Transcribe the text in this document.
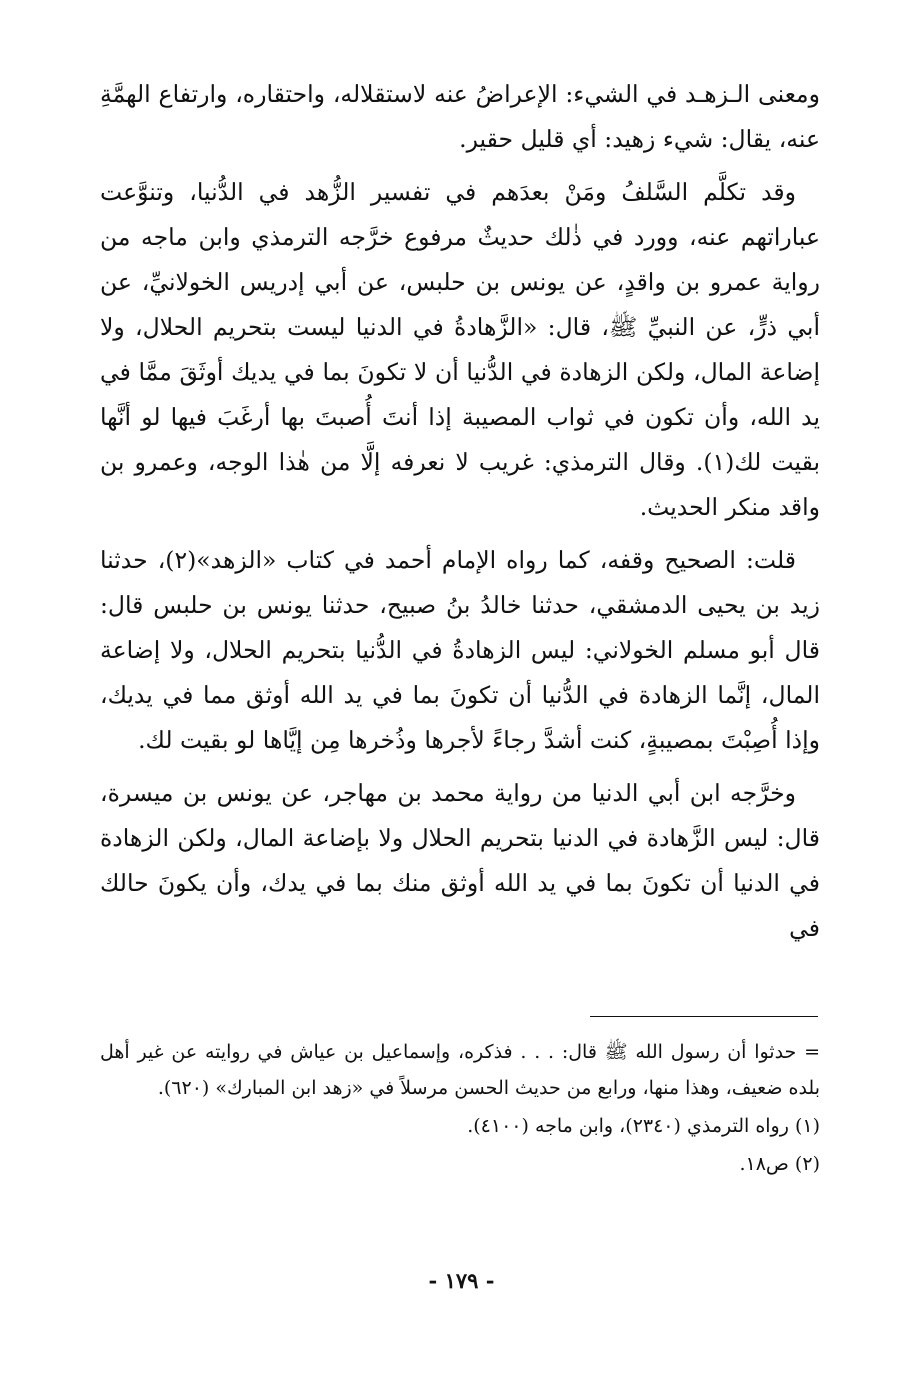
ومعنى الـزهـد في الشيء: الإعراضُ عنه لاستقلاله، واحتقاره، وارتفاع الهمَّةِ عنه، يقال: شيء زهيد: أي قليل حقير.

وقد تكلَّم السَّلفُ ومَنْ بعدَهم في تفسير الزُّهد في الدُّنيا، وتنوَّعت عباراتهم عنه، وورد في ذٰلك حديثٌ مرفوع خرَّجه الترمذي وابن ماجه من رواية عمرو بن واقدٍ، عن يونس بن حلبس، عن أبي إدريس الخولانيِّ، عن أبي ذرٍّ، عن النبيِّ ﷺ، قال: «الزَّهادةُ في الدنيا ليست بتحريم الحلال، ولا إضاعة المال، ولكن الزهادة في الدُّنيا أن لا تكونَ بما في يديك أوثَقَ ممَّا في يد الله، وأن تكون في ثواب المصيبة إذا أنتَ أُصبتَ بها أرغَبَ فيها لو أنَّها بقيت لك(١). وقال الترمذي: غريب لا نعرفه إلَّا من هٰذا الوجه، وعمرو بن واقد منكر الحديث.

قلت: الصحيح وقفه، كما رواه الإمام أحمد في كتاب «الزهد»(٢)، حدثنا زيد بن يحيى الدمشقي، حدثنا خالدُ بنُ صبيح، حدثنا يونس بن حلبس قال: قال أبو مسلم الخولاني: ليس الزهادةُ في الدُّنيا بتحريم الحلال، ولا إضاعة المال، إنَّما الزهادة في الدُّنيا أن تكونَ بما في يد الله أوثق مما في يديك، وإذا أُصِبْتَ بمصيبةٍ، كنت أشدَّ رجاءً لأجرها وذُخرها مِن إيَّاها لو بقيت لك.

وخرَّجه ابن أبي الدنيا من رواية محمد بن مهاجر، عن يونس بن ميسرة، قال: ليس الزَّهادة في الدنيا بتحريم الحلال ولا بإضاعة المال، ولكن الزهادة في الدنيا أن تكونَ بما في يد الله أوثق منك بما في يدك، وأن يكونَ حالك في

= حدثوا أن رسول الله ﷺ قال: . . . فذكره، وإسماعيل بن عياش في روايته عن غير أهل بلده ضعيف، وهذا منها، ورابع من حديث الحسن مرسلاً في «زهد ابن المبارك» (٦٢٠).

(١) رواه الترمذي (٢٣٤٠)، وابن ماجه (٤١٠٠).

(٢) ص١٨.

- ١٧٩ -
